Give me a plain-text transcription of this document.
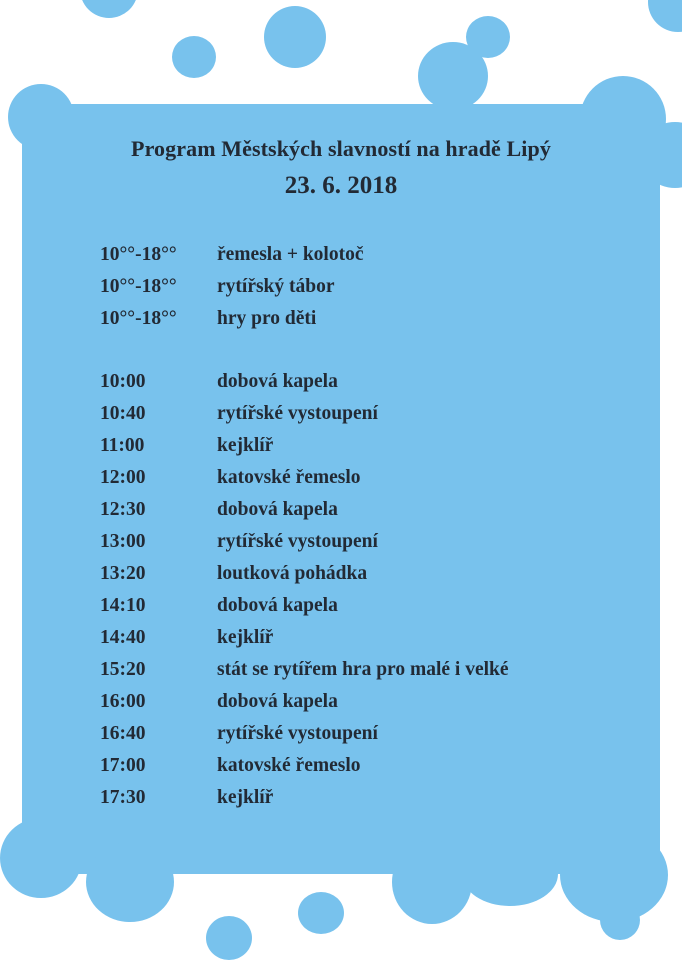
Program Městských slavností na hradě Lipý
23. 6. 2018
10°°-18°° řemesla + kolotoč
10°°-18°° rytířský tábor
10°°-18°° hry pro děti
10:00	dobová kapela
10:40	rytířské vystoupení
11:00	kejklíř
12:00	katovské řemeslo
12:30	dobová kapela
13:00	rytířské vystoupení
13:20	loutková pohádka
14:10	dobová kapela
14:40	kejklíř
15:20	stát se rytířem hra pro malé i velké
16:00	dobová kapela
16:40	rytířské vystoupení
17:00	katovské řemeslo
17:30	kejklíř
